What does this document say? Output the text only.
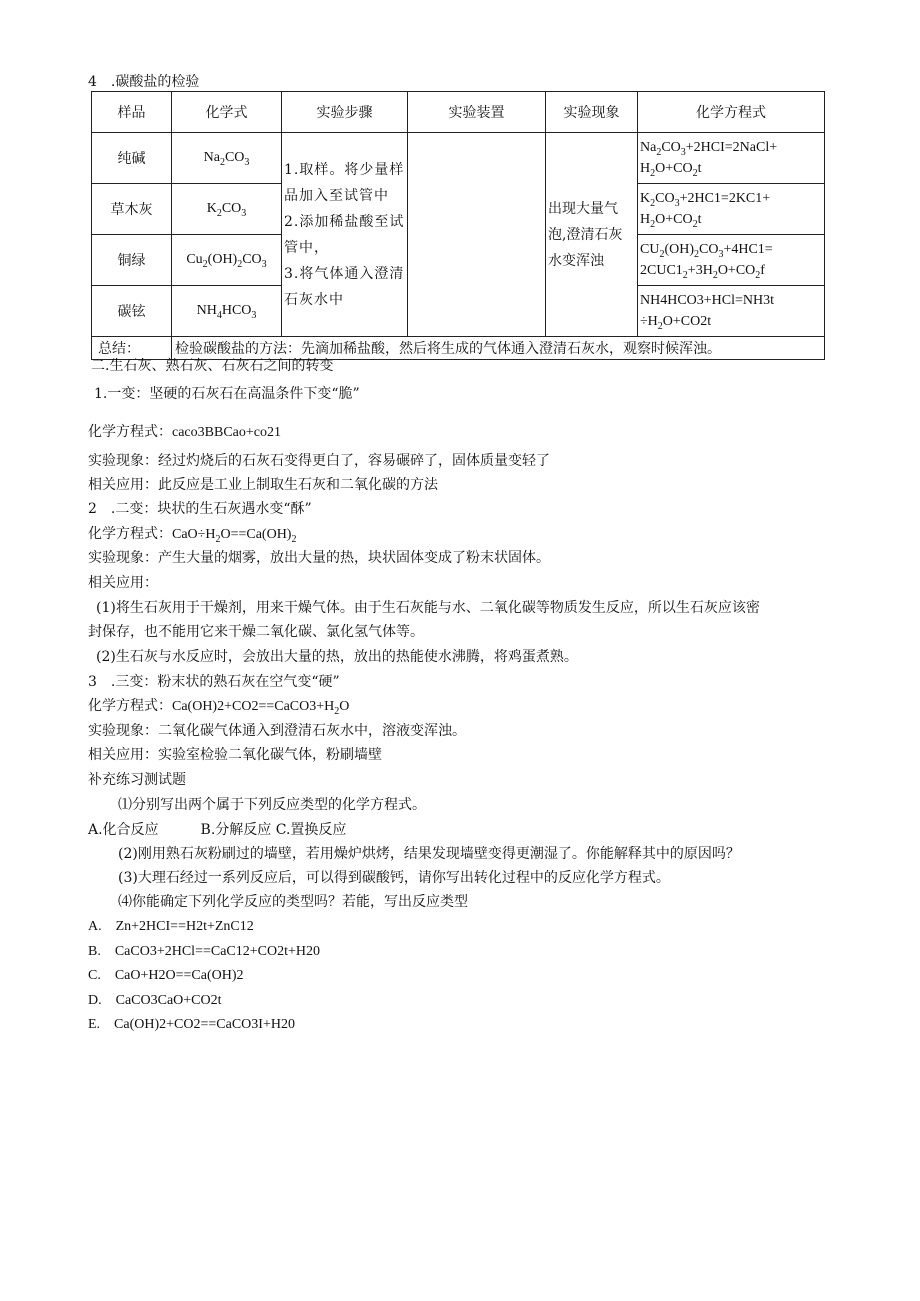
4　.碳酸盐的检验
样品	化学式	实验步骤	实验装置	实验现象	化学方程式
纯碱	$Na_2CO_3$	1.取样。将少量样品加入至试管中
2.添加稀盐酸至试管中，
3.将气体通入澄清石灰水中		出现大量气泡,澄清石灰水变浑浊	$Na_2CO_3+2HCI=2NaCl+$
$H_2O+CO_2t$
草木灰	$K_2CO_3$				$K_2CO_3+2HC1=2KC1+$
$H_2O+CO_2t$
铜绿	$Cu_2(OH)_2CO_3$				$CU_2(OH)_2CO_3+4HC1=$
$2CUC1_2+3H_2O+CO_2f$
碳铉	$NH_4HCO_3$				NH4HCO3+HCl=NH3t
$\div H_2O+CO2t$
总结：	检验碳酸盐的方法：先滴加稀盐酸，然后将生成的气体通入澄清石灰水，观察时候浑浊。				
二.生石灰、熟石灰、石灰石之间的转变
1.一变：坚硬的石灰石在高温条件下变“脆”
化学方程式：caco3BBCao+co21
实验现象：经过灼烧后的石灰石变得更白了，容易碾碎了，固体质量变轻了
相关应用：此反应是工业上制取生石灰和二氧化碳的方法
2　.二变：块状的生石灰遇水变“酥”
化学方程式：$CaO\div H_2O==Ca(OH)_2$
实验现象：产生大量的烟雾，放出大量的热，块状固体变成了粉末状固体。
相关应用：
(1)将生石灰用于干燥剂，用来干燥气体。由于生石灰能与水、二氧化碳等物质发生反应，所以生石灰应该密
封保存，也不能用它来干燥二氧化碳、氯化氢气体等。
(2)生石灰与水反应时，会放出大量的热，放出的热能使水沸腾，将鸡蛋煮熟。
3　.三变：粉末状的熟石灰在空气变“硬”
化学方程式：$Ca(OH)2+CO2==CaCO3+H_2O$
实验现象：二氧化碳气体通入到澄清石灰水中，溶液变浑浊。
相关应用：实验室检验二氧化碳气体，粉刷墙壁
补充练习测试题
⑴分别写出两个属于下列反应类型的化学方程式。
A.化合反应　　　B.分解反应 C.置换反应
(2)刚用熟石灰粉刷过的墙壁，若用燥炉烘烤，结果发现墙壁变得更潮湿了。你能解释其中的原因吗？
(3)大理石经过一系列反应后，可以得到碳酸钙，请你写出转化过程中的反应化学方程式。
⑷你能确定下列化学反应的类型吗？若能，写出反应类型
A.　Zn+2HCI==H2t+ZnC12
B.　CaCO3+2HCl==CaC12+CO2t+H20
C.　CaO+H2O==Ca(OH)2
D.　CaCO3CaO+CO2t
E.　Ca(OH)2+CO2==CaCO3I+H20
